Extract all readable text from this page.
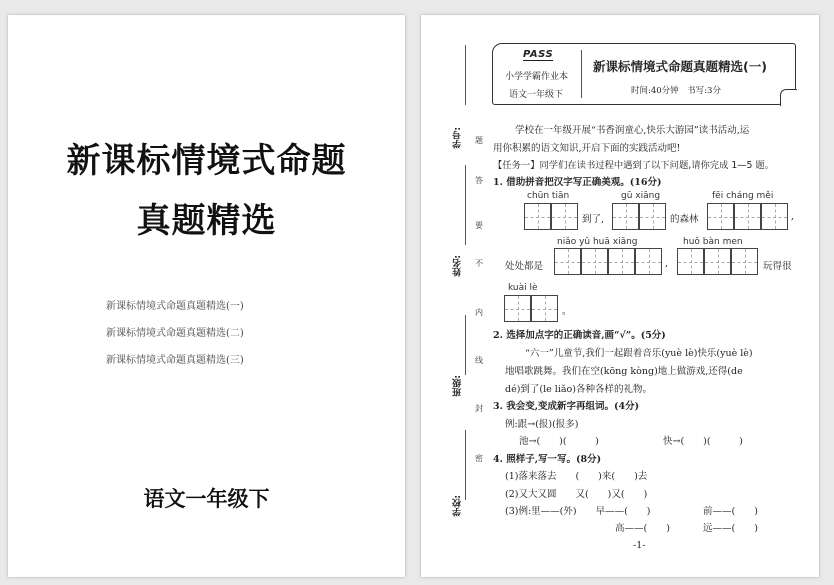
新课标情境式命题
真题精选
新课标情境式命题真题精选(一)
新课标情境式命题真题精选(二)
新课标情境式命题真题精选(三)
语文一年级下
学号:
姓名:
班级:
学校:
题
答
要
不
内
线
封
密
PASS
小学学霸作业本
语文一年级下
新课标情境式命题真题精选(一)
时间:40分钟　书写:3分
学校在一年级开展“书香润童心,快乐大游园”读书活动,运
用你积累的语文知识,开启下面的实践活动吧!
【任务一】同学们在读书过程中遇到了以下问题,请你完成 1—5 题。
1. 借助拼音把汉字写正确美观。(16分)
chūn tiān
到了,
gū xiāng
的森林
fēi cháng měi
,
niǎo yǔ huā xiāng
处处都是	,
huǒ bàn men
玩得很
kuài lè
。
2. 选择加点字的正确读音,画“√”。(5分)
“六一”儿童节,我们一起跟着音乐(yuè lè)快乐(yuè lè)
地唱歌跳舞。我们在空(kōng kòng)地上做游戏,还得(de
dé)到了(le liǎo)各种各样的礼物。
3. 我会变,变成新字再组词。(4分)
例:跟→(报)(报多)
池→(　　)(　　　)	快→(　　)(　　　)
4. 照样子,写一写。(8分)
(1)落来落去　　(　　)来(　　)去
(2)又大又圆　　又(　　)又(　　)
(3)例:里——(外)　　早——(　　)	前——(　　)
高——(　　)	远——(　　)
-1-
